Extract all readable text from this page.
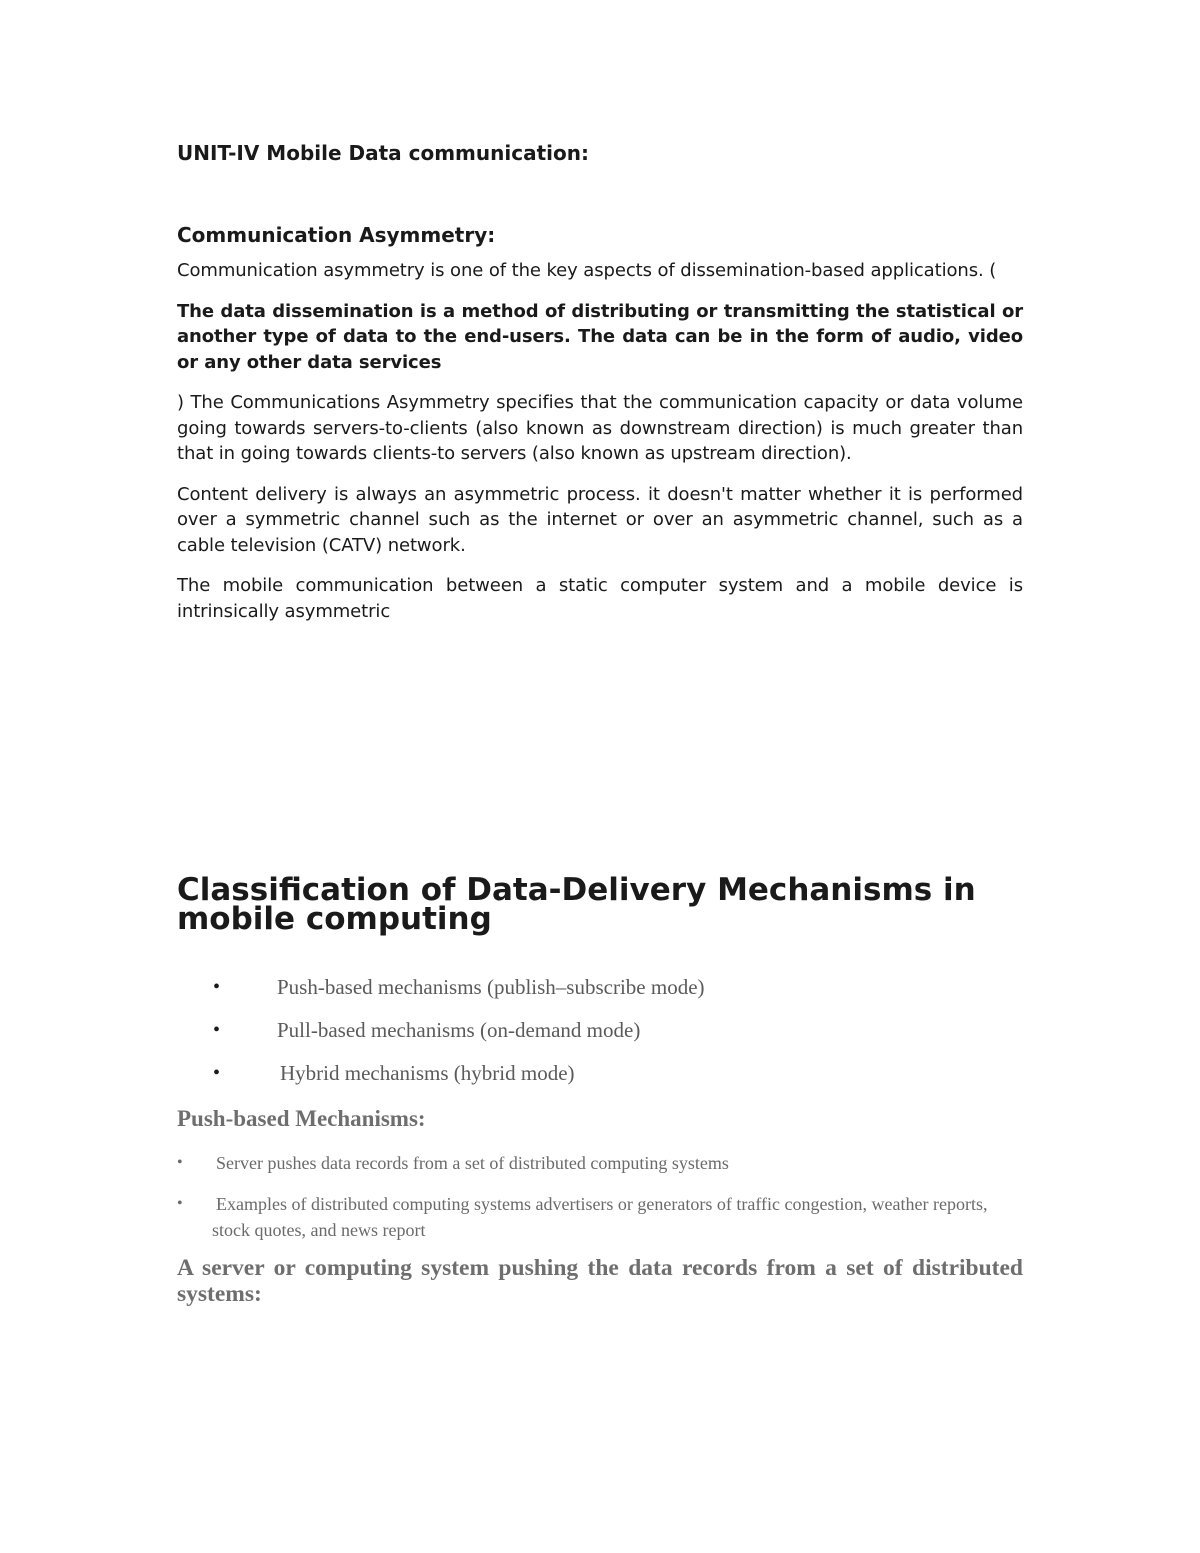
UNIT-IV Mobile Data communication:
Communication Asymmetry:

Communication asymmetry is one of the key aspects of dissemination-based applications. (

The data dissemination is a method of distributing or transmitting the statistical or another type of data to the end-users. The data can be in the form of audio, video or any other data services

) The Communications Asymmetry specifies that the communication capacity or data volume going towards servers-to-clients (also known as downstream direction) is much greater than that in going towards clients-to servers (also known as upstream direction).

Content delivery is always an asymmetric process. it doesn't matter whether it is performed over a symmetric channel such as the internet or over an asymmetric channel, such as a cable television (CATV) network.

The mobile communication between a static computer system and a mobile device is intrinsically asymmetric

Classification of Data-Delivery Mechanisms in mobile computing
•	Push-based mechanisms (publish–subscribe mode)
•	Pull-based mechanisms (on-demand mode)
•	Hybrid mechanisms (hybrid mode)
Push-based Mechanisms:
• Server pushes data records from a set of distributed computing systems
• Examples of distributed computing systems advertisers or generators of traffic congestion, weather reports, stock quotes, and news report
A server or computing system pushing the data records from a set of distributed systems:
